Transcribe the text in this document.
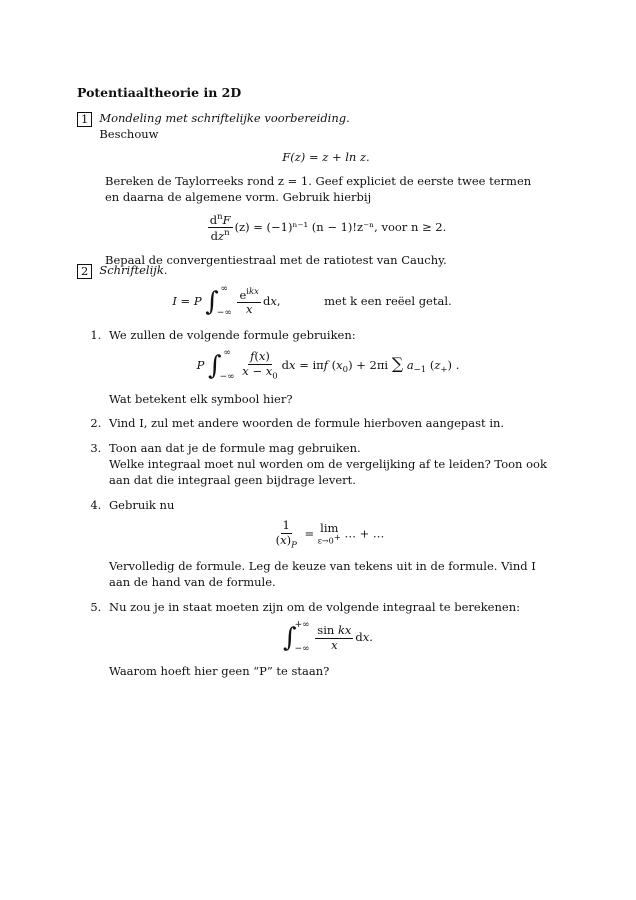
Potentiaaltheorie in 2D
1 Mondeling met schriftelijke voorbereiding.
Beschouw
F(z) = z + ln z.
Bereken de Taylorreeks rond z = 1. Geef expliciet de eerste twee termen en daarna de algemene vorm. Gebruik hierbij
$\frac{d^nF}{dz^n} (z) = (-1)^{n-1}$ (n − 1)!z⁻ⁿ, voor n ≥ 2.
Bepaal de convergentiestraal met de ratiotest van Cauchy.
2 Schriftelijk.
I = P ∫ ∞
−∞
$\frac{e^{ikx}}{x}$ dx,	met k een reëel getal.
1. We zullen de volgende formule gebruiken:
P ∫ ∞
−∞
$\frac{f(x)}{x - x_0}$ dx = iπf $(x_0) + 2\pi i$ ∑ $a_{-1}$ $(z_+)$ .
Wat betekent elk symbool hier?
2. Vind I, zul met andere woorden de formule hierboven aangepast in.
3. Toon aan dat je de formule mag gebruiken.
Welke integraal moet nul worden om de vergelijking af te leiden? Toon ook aan dat die integraal geen bijdrage levert.
4. Gebruik nu
$\frac{1}{(x)_P} = \lim$
ε→0+ … + …
Vervolledig de formule. Leg de keuze van tekens uit in de formule. Vind I aan de hand van de formule.
5. Nu zou je in staat moeten zijn om de volgende integraal te berekenen:
∫
+∞
−∞
$\frac{\text{sin kx}}{x}$ dx.
Waarom hoeft hier geen “P” te staan?
